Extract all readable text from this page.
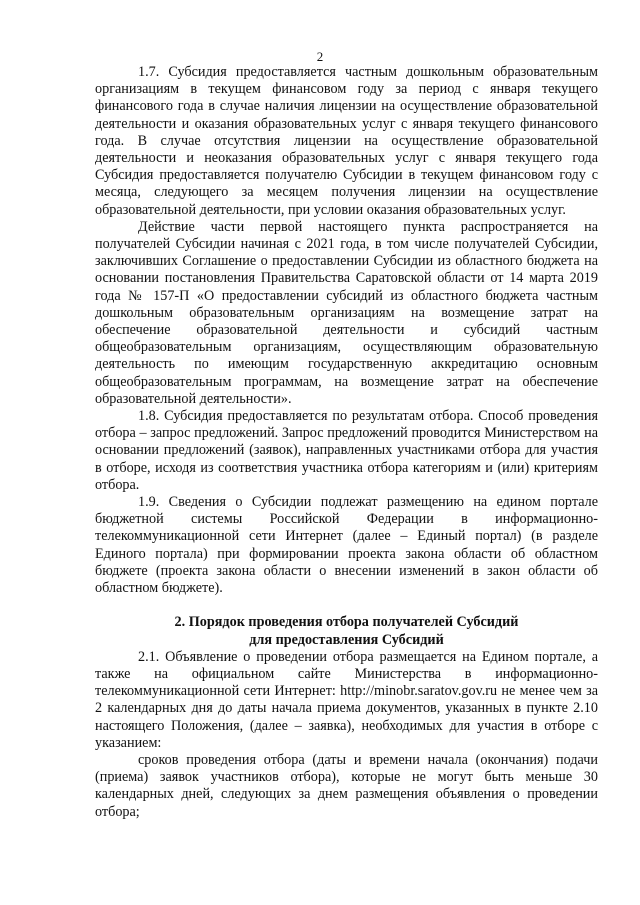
2

1.7. Субсидия предоставляется частным дошкольным образовательным организациям в текущем финансовом году за период с января текущего финансового года в случае наличия лицензии на осуществление образовательной деятельности и оказания образовательных услуг с января текущего финансового года. В случае отсутствия лицензии на осуществление образовательной деятельности и неоказания образовательных услуг с января текущего года Субсидия предоставляется получателю Субсидии в текущем финансовом году с месяца, следующего за месяцем получения лицензии на осуществление образовательной деятельности, при условии оказания образовательных услуг.

Действие части первой настоящего пункта распространяется на получателей Субсидии начиная с 2021 года, в том числе получателей Субсидии, заключивших Соглашение о предоставлении Субсидии из областного бюджета на основании постановления Правительства Саратовской области от 14 марта 2019 года № 157-П «О предоставлении субсидий из областного бюджета частным дошкольным образовательным организациям на возмещение затрат на обеспечение образовательной деятельности и субсидий частным общеобразовательным организациям, осуществляющим образовательную деятельность по имеющим государственную аккредитацию основным общеобразовательным программам, на возмещение затрат на обеспечение образовательной деятельности».

1.8. Субсидия предоставляется по результатам отбора. Способ проведения отбора – запрос предложений. Запрос предложений проводится Министерством на основании предложений (заявок), направленных участниками отбора для участия в отборе, исходя из соответствия участника отбора категориям и (или) критериям отбора.

1.9. Сведения о Субсидии подлежат размещению на едином портале бюджетной системы Российской Федерации в информационно-телекоммуникационной сети Интернет (далее – Единый портал) (в разделе Единого портала) при формировании проекта закона области об областном бюджете (проекта закона области о внесении изменений в закон области об областном бюджете).

2. Порядок проведения отбора получателей Субсидий
для предоставления Субсидий

2.1. Объявление о проведении отбора размещается на Едином портале, а также на официальном сайте Министерства в информационно-телекоммуникационной сети Интернет: http://minobr.saratov.gov.ru не менее чем за 2 календарных дня до даты начала приема документов, указанных в пункте 2.10 настоящего Положения, (далее – заявка), необходимых для участия в отборе с указанием:

сроков проведения отбора (даты и времени начала (окончания) подачи (приема) заявок участников отбора), которые не могут быть меньше 30 календарных дней, следующих за днем размещения объявления о проведении отбора;
